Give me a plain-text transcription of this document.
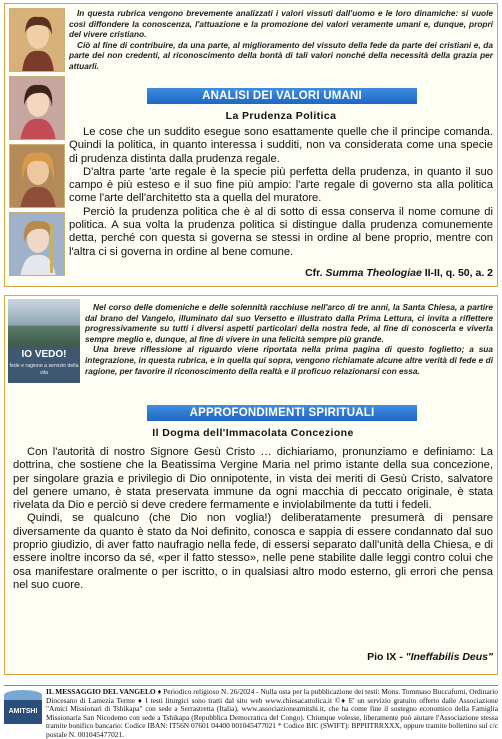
In questa rubrica vengono brevemente analizzati i valori vissuti dall'uomo e le loro dinamiche: si vuole così diffondere la conoscenza, l'attuazione e la promozione dei valori veramente umani e, dunque, propri del vivere cristiano.

Ciò al fine di contribuire, da una parte, al miglioramento del vissuto della fede da parte dei cristiani e, da parte dei non credenti, al riconoscimento della bontà di tali valori nonché della necessità della grazia per attuarli.

ANALISI DEI VALORI UMANI
La Prudenza Politica

Le cose che un suddito esegue sono esattamente quelle che il principe comanda. Quindi la politica, in quanto interessa i sudditi, non va considerata come una specie di prudenza distinta dalla prudenza regale.

D'altra parte 'arte regale è la specie più perfetta della prudenza, in quanto il suo campo è più esteso e il suo fine più ampio: l'arte regale di governo sta alla politica come l'arte dell'architetto sta a quella del muratore.

Perciò la prudenza politica che è al di sotto di essa conserva il nome comune di politica. A sua volta la prudenza politica si distingue dalla prudenza comunemente detta, perché con questa si governa se stessi in ordine al bene proprio, mentre con l'altra ci si governa in ordine al bene comune.

Cfr. Summa Theologiae II-II, q. 50, a. 2
IO VEDO!
fede e ragione a servizio della vita

Nel corso delle domeniche e delle solennità racchiuse nell'arco di tre anni, la Santa Chiesa, a partire dal brano del Vangelo, illuminato dal suo Versetto e illustrato dalla Prima Lettura, ci invita a riflettere progressivamente su tutti i diversi aspetti particolari della nostra fede, al fine di conoscerla e viverla sempre meglio e, dunque, al fine di vivere in una felicità sempre più grande.

Una breve riflessione al riguardo viene riportata nella prima pagina di questo foglietto; a sua integrazione, in questa rubrica, e in quella qui sopra, vengono richiamate alcune altre verità di fede e di ragione, per favorire il riconoscimento della realtà e il proficuo relazionarsi con essa.

APPROFONDIMENTI SPIRITUALI
Il Dogma dell'Immacolata Concezione

Con l'autorità di nostro Signore Gesù Cristo … dichiariamo, pronunziamo e definiamo: La dottrina, che sostiene che la Beatissima Vergine Maria nel primo istante della sua concezione, per singolare grazia e privilegio di Dio onnipotente, in vista dei meriti di Gesù Cristo, salvatore del genere umano, è stata preservata immune da ogni macchia di peccato originale, è stata rivelata da Dio e perciò si deve credere fermamente e inviolabilmente da tutti i fedeli.

Quindi, se qualcuno (che Dio non voglia!) deliberatamente presumerà di pensare diversamente da quanto è stato da Noi definito, conosca e sappia di essere condannato dal suo proprio giudizio, di aver fatto naufragio nella fede, di essersi separato dall'unità della Chiesa, e di essere inoltre incorso da sé, «per il fatto stesso», nelle pene stabilite dalle leggi contro colui che osa manifestare oralmente o per iscritto, o in qualsiasi altro modo esterno, gli errori che pensa nel suo cuore.

Pio IX - "Ineffabilis Deus"
AMITSHI
IL MESSAGGIO DEL VANGELO ♦ Periodico religioso N. 26/2024 - Nulla osta per la pubblicazione dei testi: Mons. Tommaso Buccafurni, Ordinario Diocesano di Lamezia Terme ♦ I testi liturgici sono tratti dal sito web www.chiesacattolica.it ©♦ E' un servizio gratuito offerto dalle Associazione "Amici Missionari di Tshikapa" con sede a Serrastretta (Italia), www.associazioneamitshi.it, che ha come fine il sostegno economico della Famiglia Missionaria San Nicodemo con sede a Tshikapa (Repubblica Democratica del Congo). Chiunque volesse, liberamente può aiutare l'Associazione stessa tramite bonifico bancario: Codice IBAN: IT56N 07601 04400 001045477021 * Codice BIC (SWIFT): BPPIITRRXXX, oppure tramite bollettino sul c/c postale N. 001045477021.
